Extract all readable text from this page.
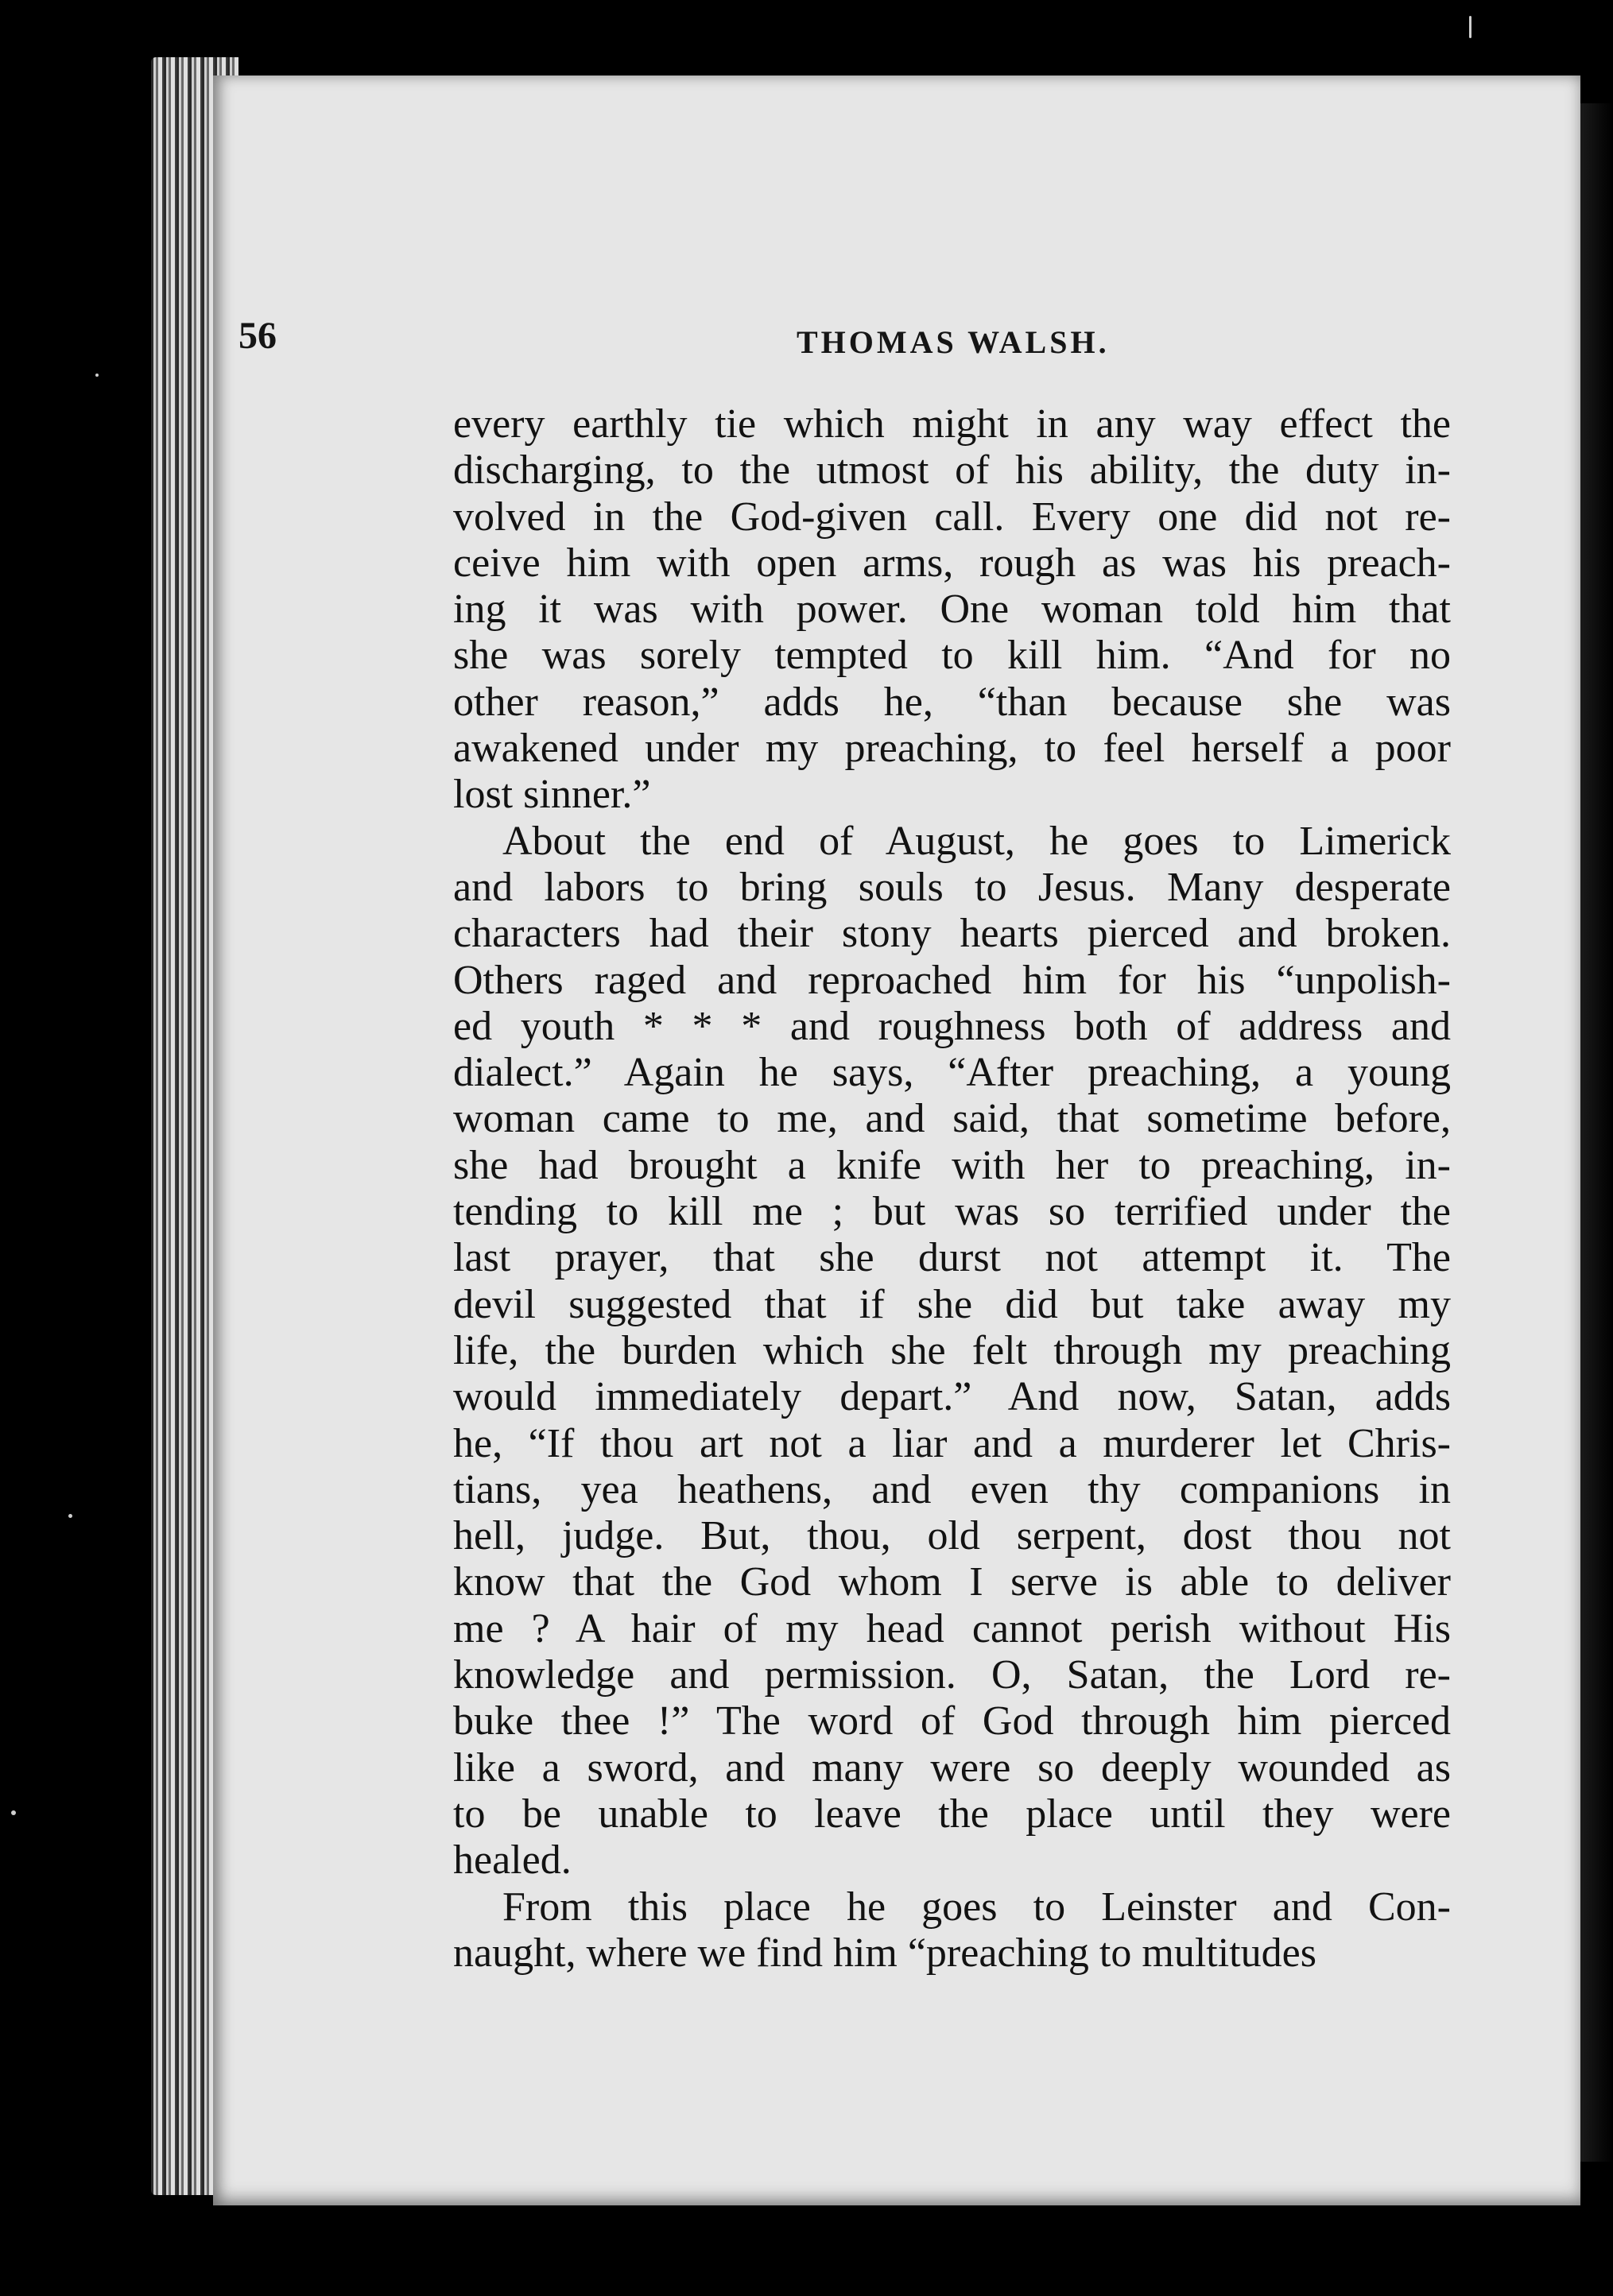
56	THOMAS WALSH.
every earthly tie which might in any way effect the
discharging, to the utmost of his ability, the duty in-
volved in the God-given call. Every one did not re-
ceive him with open arms, rough as was his preach-
ing it was with power. One woman told him that
she was sorely tempted to kill him. “And for no
other reason,” adds he, “than because she was
awakened under my preaching, to feel herself a poor
lost sinner.”
About the end of August, he goes to Limerick
and labors to bring souls to Jesus. Many desperate
characters had their stony hearts pierced and broken.
Others raged and reproached him for his “unpolish-
ed youth * * * and roughness both of address and
dialect.” Again he says, “After preaching, a young
woman came to me, and said, that sometime before,
she had brought a knife with her to preaching, in-
tending to kill me ; but was so terrified under the
last prayer, that she durst not attempt it. The
devil suggested that if she did but take away my
life, the burden which she felt through my preaching
would immediately depart.” And now, Satan, adds
he, “If thou art not a liar and a murderer let Chris-
tians, yea heathens, and even thy companions in
hell, judge. But, thou, old serpent, dost thou not
know that the God whom I serve is able to deliver
me ? A hair of my head cannot perish without His
knowledge and permission. O, Satan, the Lord re-
buke thee !” The word of God through him pierced
like a sword, and many were so deeply wounded as
to be unable to leave the place until they were
healed.
From this place he goes to Leinster and Con-
naught, where we find him “preaching to multitudes
